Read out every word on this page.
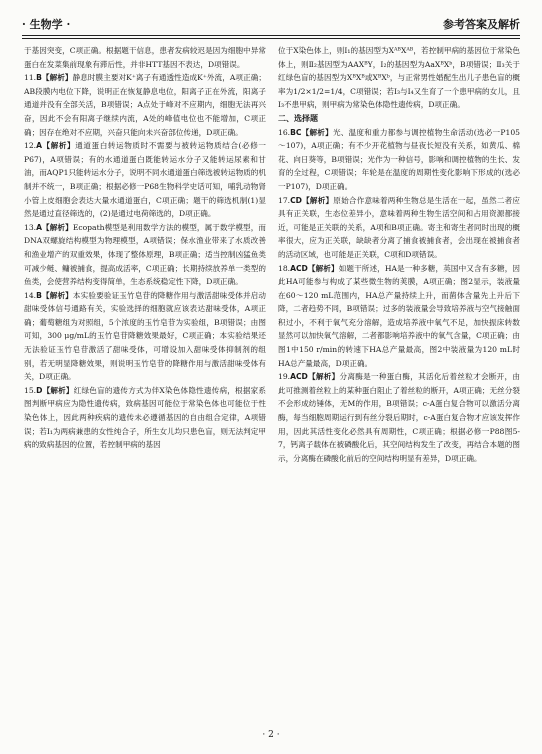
· 生物学 ·	参考答案及解析

于基因突变，C项正确。根据题干信息，患者发病较迟是因为细胞中异常蛋白在发菜集前现象有滞后性，并非HTT基因不表达，D项错误。

11.B【解析】静息时膜主要对K⁺离子有通透性造成K⁺外流，A项正确；AB段膜内电位下降，说明正在恢复静息电位，阳离子正在外流，阳离子通道并没有全部关活，B项错误；A点处于峰对不应期内，细胞无法再兴奋，因此不会有阳离子继续内流，A处的峰值电位也不能增加，C项正确；因存在绝对不应期，兴奋只能向未兴奋部位传递，D项正确。

12.A【解析】通道蛋白转运物质时不需要与被转运物质结合(必修一 P67)，A项错误；有的水通道蛋白既能转运水分子又能转运尿素和甘油，而AQP1只能转运水分子，说明不同水通道蛋白筛选被转运物质的机制并不统一，B项正确；根据必修一P68生物科学史话可知，哺乳动物肾小管上皮细胞会表达大量水通道蛋白，C项正确；题干的筛选机制(1)显然是通过直径筛选的，(2)是通过电荷筛选的，D项正确。

13.A【解析】Ecopath模型是利用数学方法的模型，属于数学模型，而DNA双螺旋结构模型为物理模型，A项错误；保水渔业带来了水质改善和渔业增产的双重效果，体现了整体原理，B项正确；适当控制凶猛鱼类可减少鲢、鳙被捕食，提高成活率，C项正确；长期持续放养单一类型的鱼类，会使营养结构变得简单，生态系统稳定性下降，D项正确。

14.B【解析】本实验要验证玉竹皂苷的降糖作用与激活甜味受体并启动甜味受体信号通路有关，实验选择的细胞就应该表达甜味受体，A项正确；葡萄糖组为对照组，5个浓度的玉竹皂苷为实验组，B项错误；由图可知，300 μg/mL的玉竹皂苷降糖效果最好，C项正确；本实验结果还无法验证玉竹皂苷激活了甜味受体，可增设加入甜味受体抑制剂的组别，若无明显降糖效果，则说明玉竹皂苷的降糖作用与激活甜味受体有关，D项正确。

15.D【解析】红绿色盲的遗传方式为伴X染色体隐性遗传病，根据家系图判断甲病应为隐性遗传病，致病基因可能位于常染色体也可能位于性染色体上，因此两种疾病的遗传未必遵循基因的自由组合定律，A项错误；若Ⅰ₁为两病兼患的女性纯合子，所生女儿均只患色盲，则无法判定甲病的致病基因的位置，若控制甲病的基因

位于X染色体上，则Ⅰ₁的基因型为XᴬᴮXᴬᴮ，若控制甲病的基因位于常染色体上，则Ⅱ₂基因型为AAXᴮY，Ⅰ₂的基因型为AaXᴮXᵇ，B项错误；Ⅱ₃关于红绿色盲的基因型为XᴮXᴮ或XᴮXᵇ，与正常男性婚配生出儿子患色盲的概率为1/2×1/2=1/4，C项错误；若Ⅰ₃与Ⅰ₄又生育了一个患甲病的女儿，且Ⅰ₃不患甲病，则甲病为常染色体隐性遗传病，D项正确。

二、选择题

16.BC【解析】光、温度和重力都参与调控植物生命活动(选必一P105～107)，A项正确；有不少开花植物与昼夜长短没有关系，如黄瓜、棉花、向日葵等，B项错误；光作为一种信号，影响和调控植物的生长、发育的全过程，C项错误；年轮是在温度的周期性变化影响下形成的(选必一P107)，D项正确。

17.CD【解析】原始合作意味着两种生物总是生活在一起，虽然二者应具有正关联，生态位差异小，意味着两种生物生活空间和占用资源都接近，可能是正关联的关系，A项和B项正确。寄主和寄生者同时出现的概率很大，应为正关联，缺缺者分离了捕食被捕食者，会出现在被捕食者的活动区域，也可能是正关联，C项和D项错误。

18.ACD【解析】如题干所述，HA是一种多糖，英国中又含有多糖，因此HA可能参与构成了某些微生物的荚膜，A项正确；图2显示，装液量在60～120 mL范围内，HA总产量持续上升，而菌体含量先上升后下降，二者趋势不同，B项错误；过多的装液量会导致培养液与空气接触面积过小，不利于氧气充分溶解，造成培养液中氧气不足，加快振床转数显然可以加快氧气溶解，二者都影响培养液中的氧气含量，C项正确；由图1中150 r/min的转速下HA总产量最高，图2中装液量为120 mL时HA总产量最高，D项正确。

19.ACD【解析】分离酶是一种蛋白酶，其活化后着丝粒才会断开，由此可推测着丝粒上的某种蛋白阻止了着丝粒的断开，A项正确；无丝分裂不会形成纺锤体，无M的作用，B项错误；c-A蛋白复合物可以激活分离酶，每当细胞周期运行到有丝分裂后期时，c-A蛋白复合物才应该发挥作用，因此其活性变化必然具有周期性，C项正确；根据必修一P88图5-7，钙离子载体在被磷酸化后，其空间结构发生了改变，再结合本题的图示，分离酶在磷酸化前后的空间结构明显有差异，D项正确。

· 2 ·
